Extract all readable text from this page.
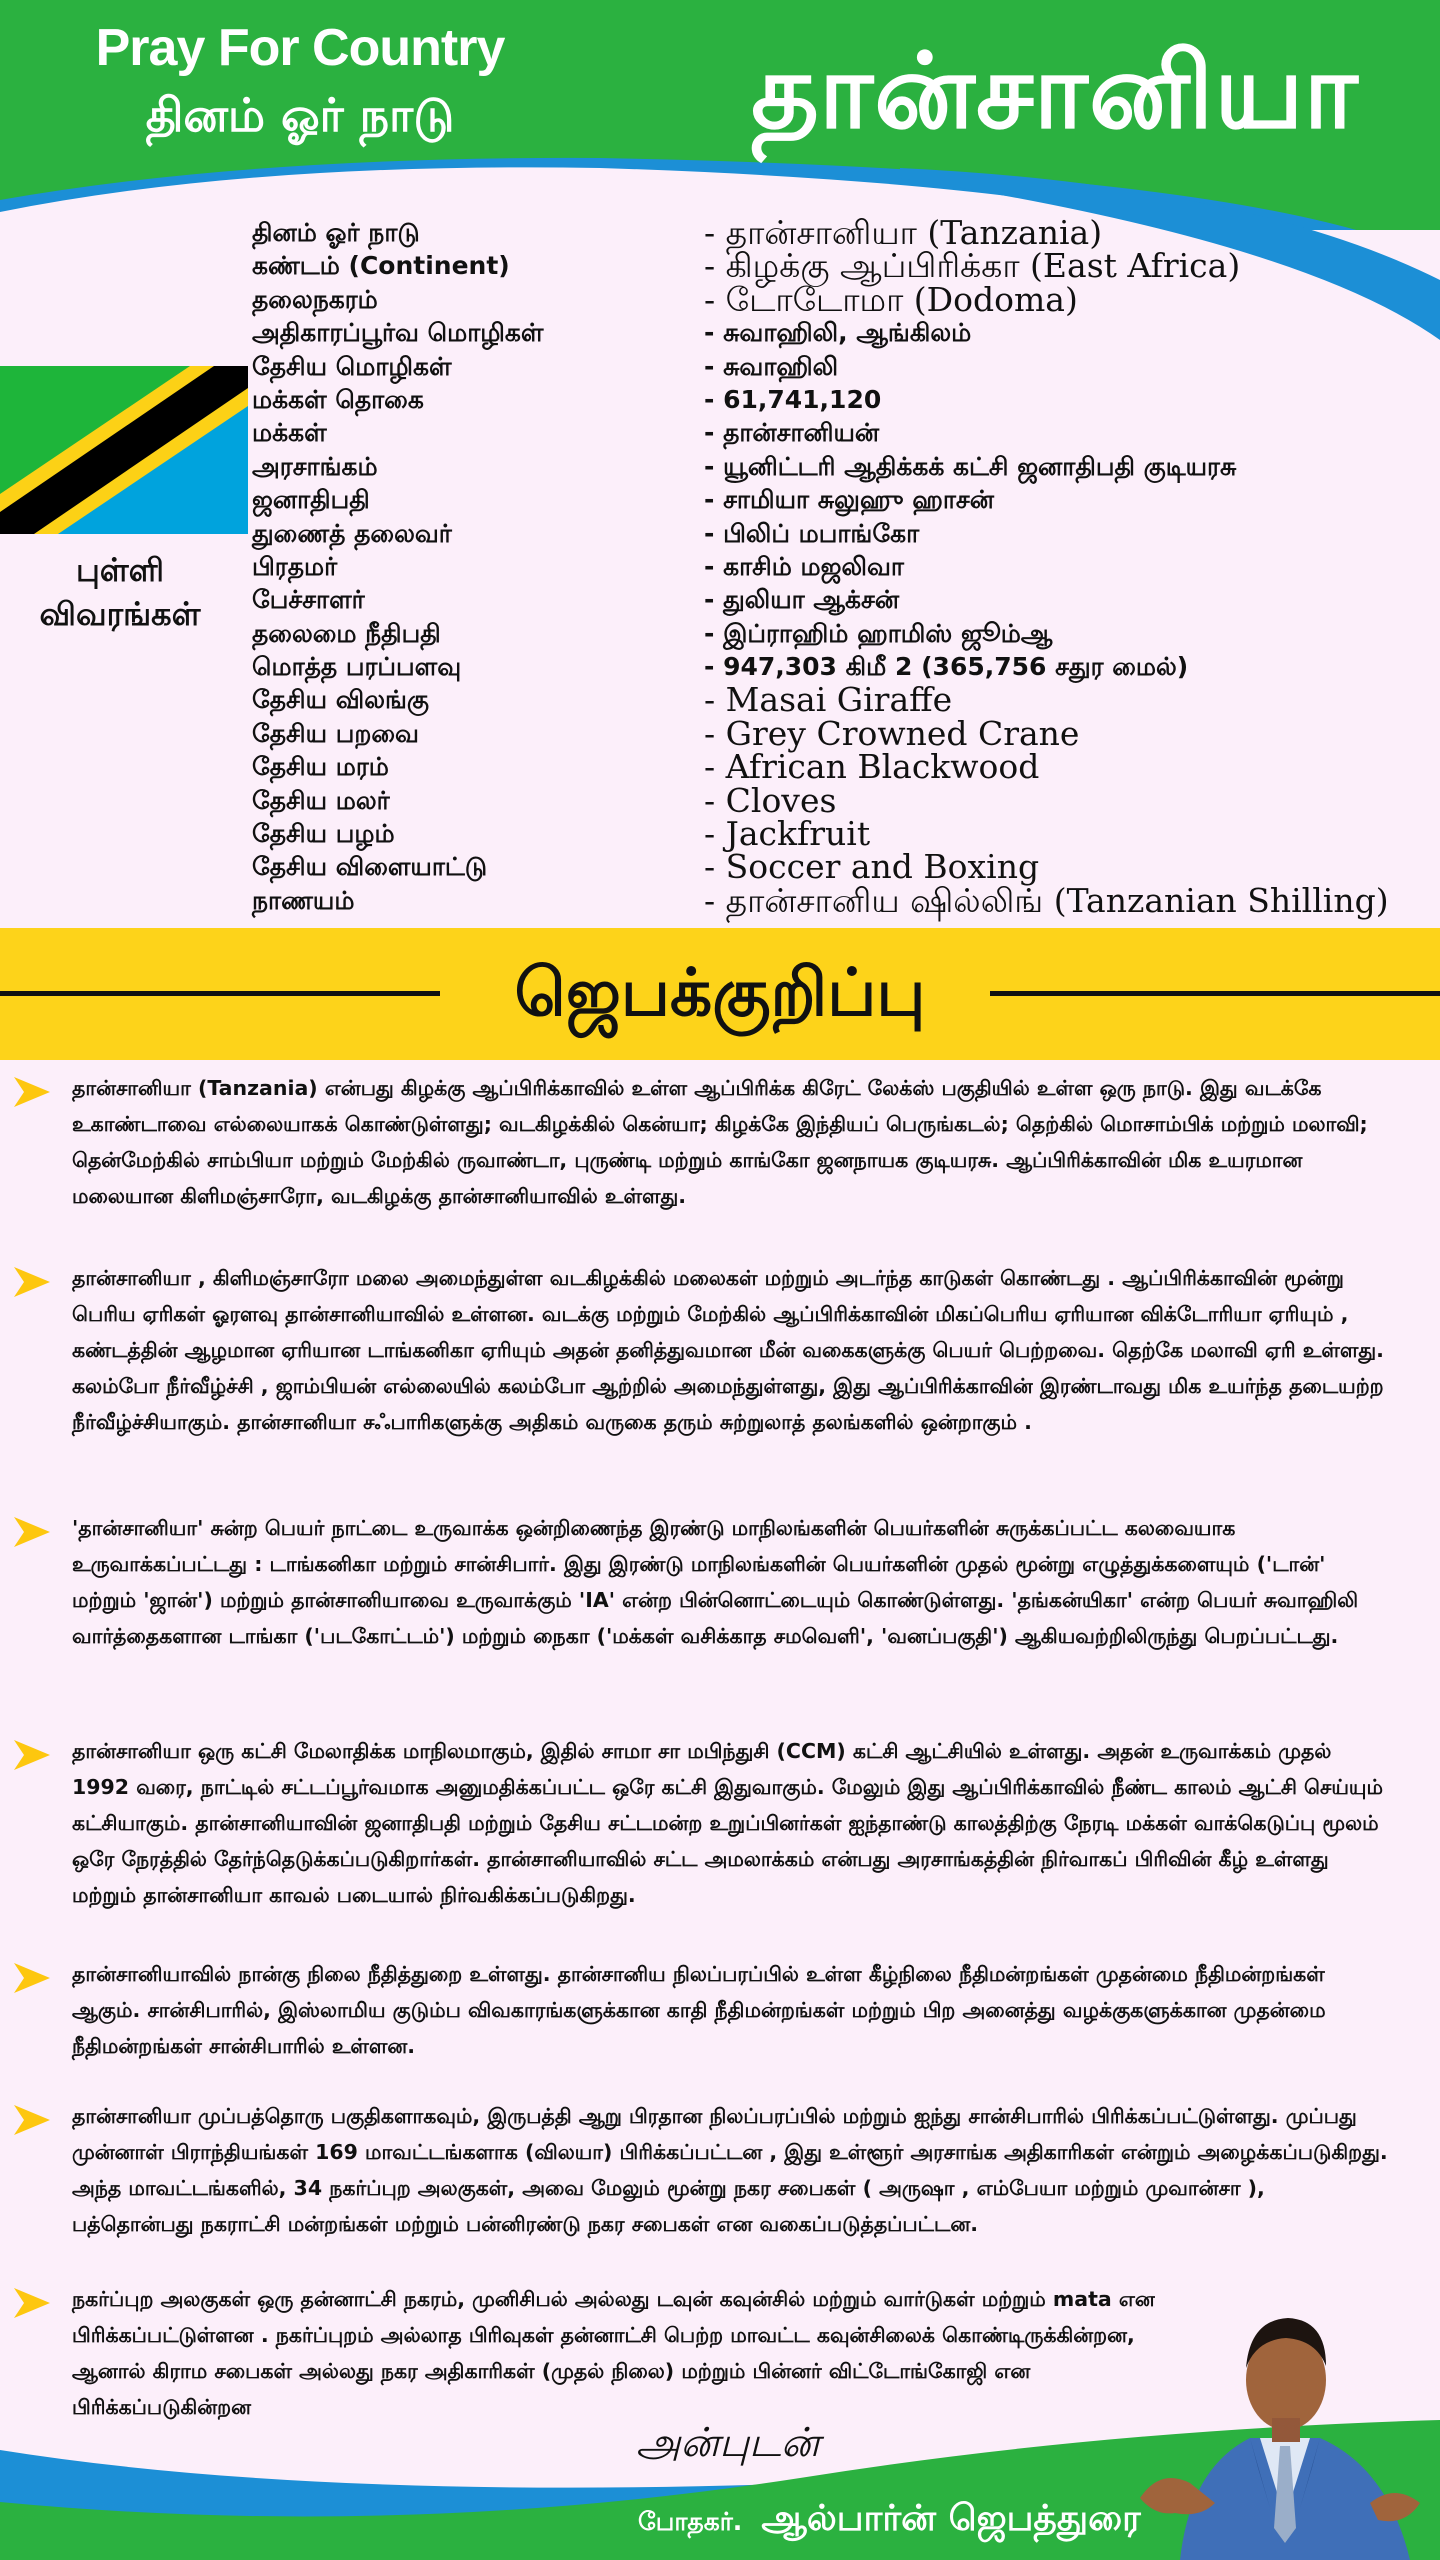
Pray For Country
தினம் ஓர் நாடு	தான்சானியா
புள்ளி
விவரங்கள்
தினம் ஓர் நாடு	- தான்சானியா (Tanzania)
கண்டம் (Continent)	- கிழக்கு ஆப்பிரிக்கா (East Africa)
தலைநகரம்	- டோடோமா (Dodoma)
அதிகாரப்பூர்வ மொழிகள்	- சுவாஹிலி, ஆங்கிலம்
தேசிய மொழிகள்	- சுவாஹிலி
மக்கள் தொகை	- 61,741,120
மக்கள்	- தான்சானியன்
அரசாங்கம்	- யூனிட்டரி ஆதிக்கக் கட்சி ஜனாதிபதி குடியரசு
ஜனாதிபதி	- சாமியா சுலுஹு ஹாசன்
துணைத் தலைவர்	- பிலிப் மபாங்கோ
பிரதமர்	- காசிம் மஜலிவா
பேச்சாளர்	- துலியா ஆக்சன்
தலைமை நீதிபதி	- இப்ராஹிம் ஹாமிஸ் ஜூம்ஆ
மொத்த பரப்பளவு	- 947,303 கிமீ 2 (365,756 சதுர மைல்)
தேசிய விலங்கு	- Masai Giraffe
தேசிய பறவை	- Grey Crowned Crane
தேசிய மரம்	- African Blackwood
தேசிய மலர்	- Cloves
தேசிய பழம்	- Jackfruit
தேசிய விளையாட்டு	- Soccer and Boxing
நாணயம்	- தான்சானிய ஷில்லிங் (Tanzanian Shilling)
ஜெபக்குறிப்பு

தான்சானியா (Tanzania) என்பது கிழக்கு ஆப்பிரிக்காவில் உள்ள ஆப்பிரிக்க கிரேட் லேக்ஸ் பகுதியில் உள்ள ஒரு நாடு. இது வடக்கே உகாண்டாவை எல்லையாகக் கொண்டுள்ளது; வடகிழக்கில் கென்யா; கிழக்கே இந்தியப் பெருங்கடல்; தெற்கில் மொசாம்பிக் மற்றும் மலாவி; தென்மேற்கில் சாம்பியா மற்றும் மேற்கில் ருவாண்டா, புருண்டி மற்றும் காங்கோ ஜனநாயக குடியரசு. ஆப்பிரிக்காவின் மிக உயரமான மலையான கிளிமஞ்சாரோ, வடகிழக்கு தான்சானியாவில் உள்ளது.

தான்சானியா , கிளிமஞ்சாரோ மலை அமைந்துள்ள வடகிழக்கில் மலைகள் மற்றும் அடர்ந்த காடுகள் கொண்டது . ஆப்பிரிக்காவின் மூன்று பெரிய ஏரிகள் ஓரளவு தான்சானியாவில் உள்ளன. வடக்கு மற்றும் மேற்கில் ஆப்பிரிக்காவின் மிகப்பெரிய ஏரியான விக்டோரியா ஏரியும் , கண்டத்தின் ஆழமான ஏரியான டாங்கனிகா ஏரியும் அதன் தனித்துவமான மீன் வகைகளுக்கு பெயர் பெற்றவை. தெற்கே மலாவி ஏரி உள்ளது. கலம்போ நீர்வீழ்ச்சி , ஜாம்பியன் எல்லையில் கலம்போ ஆற்றில் அமைந்துள்ளது, இது ஆப்பிரிக்காவின் இரண்டாவது மிக உயர்ந்த தடையற்ற நீர்வீழ்ச்சியாகும். தான்சானியா சஃபாரிகளுக்கு அதிகம் வருகை தரும் சுற்றுலாத் தலங்களில் ஒன்றாகும் .

'தான்சானியா' சுன்ற பெயர் நாட்டை உருவாக்க ஒன்றிணைந்த இரண்டு மாநிலங்களின் பெயர்களின் சுருக்கப்பட்ட கலவையாக உருவாக்கப்பட்டது : டாங்கனிகா மற்றும் சான்சிபார். இது இரண்டு மாநிலங்களின் பெயர்களின் முதல் மூன்று எழுத்துக்களையும் ('டான்' மற்றும் 'ஜான்') மற்றும் தான்சானியாவை உருவாக்கும் 'IA' என்ற பின்னொட்டையும் கொண்டுள்ளது. 'தங்கன்யிகா' என்ற பெயர் சுவாஹிலி வார்த்தைகளான டாங்கா ('படகோட்டம்') மற்றும் நைகா ('மக்கள் வசிக்காத சமவெளி', 'வனப்பகுதி') ஆகியவற்றிலிருந்து பெறப்பட்டது.

தான்சானியா ஒரு கட்சி மேலாதிக்க மாநிலமாகும், இதில் சாமா சா மபிந்துசி (CCM) கட்சி ஆட்சியில் உள்ளது. அதன் உருவாக்கம் முதல் 1992 வரை, நாட்டில் சட்டப்பூர்வமாக அனுமதிக்கப்பட்ட ஒரே கட்சி இதுவாகும். மேலும் இது ஆப்பிரிக்காவில் நீண்ட காலம் ஆட்சி செய்யும் கட்சியாகும். தான்சானியாவின் ஜனாதிபதி மற்றும் தேசிய சட்டமன்ற உறுப்பினர்கள் ஐந்தாண்டு காலத்திற்கு நேரடி மக்கள் வாக்கெடுப்பு மூலம் ஒரே நேரத்தில் தேர்ந்தெடுக்கப்படுகிறார்கள். தான்சானியாவில் சட்ட அமலாக்கம் என்பது அரசாங்கத்தின் நிர்வாகப் பிரிவின் கீழ் உள்ளது மற்றும் தான்சானியா காவல் படையால் நிர்வகிக்கப்படுகிறது.

தான்சானியாவில் நான்கு நிலை நீதித்துறை உள்ளது. தான்சானிய நிலப்பரப்பில் உள்ள கீழ்நிலை நீதிமன்றங்கள் முதன்மை நீதிமன்றங்கள் ஆகும். சான்சிபாரில், இஸ்லாமிய குடும்ப விவகாரங்களுக்கான காதி நீதிமன்றங்கள் மற்றும் பிற அனைத்து வழக்குகளுக்கான முதன்மை நீதிமன்றங்கள் சான்சிபாரில் உள்ளன.

தான்சானியா முப்பத்தொரு பகுதிகளாகவும், இருபத்தி ஆறு பிரதான நிலப்பரப்பில் மற்றும் ஐந்து சான்சிபாரில் பிரிக்கப்பட்டுள்ளது. முப்பது முன்னாள் பிராந்தியங்கள் 169 மாவட்டங்களாக (விலயா) பிரிக்கப்பட்டன , இது உள்ளூர் அரசாங்க அதிகாரிகள் என்றும் அழைக்கப்படுகிறது. அந்த மாவட்டங்களில், 34 நகர்ப்புற அலகுகள், அவை மேலும் மூன்று நகர சபைகள் ( அருஷா , எம்பேயா மற்றும் முவான்சா ), பத்தொன்பது நகராட்சி மன்றங்கள் மற்றும் பன்னிரண்டு நகர சபைகள் என வகைப்படுத்தப்பட்டன.

நகர்ப்புற அலகுகள் ஒரு தன்னாட்சி நகரம், முனிசிபல் அல்லது டவுன் கவுன்சில் மற்றும் வார்டுகள் மற்றும் mata என பிரிக்கப்பட்டுள்ளன . நகர்ப்புறம் அல்லாத பிரிவுகள் தன்னாட்சி பெற்ற மாவட்ட கவுன்சிலைக் கொண்டிருக்கின்றன, ஆனால் கிராம சபைகள் அல்லது நகர அதிகாரிகள் (முதல் நிலை) மற்றும் பின்னர் விட்டோங்கோஜி என பிரிக்கப்படுகின்றன

அன்புடன்
போதகர். ஆல்பார்ன் ஜெபத்துரை
